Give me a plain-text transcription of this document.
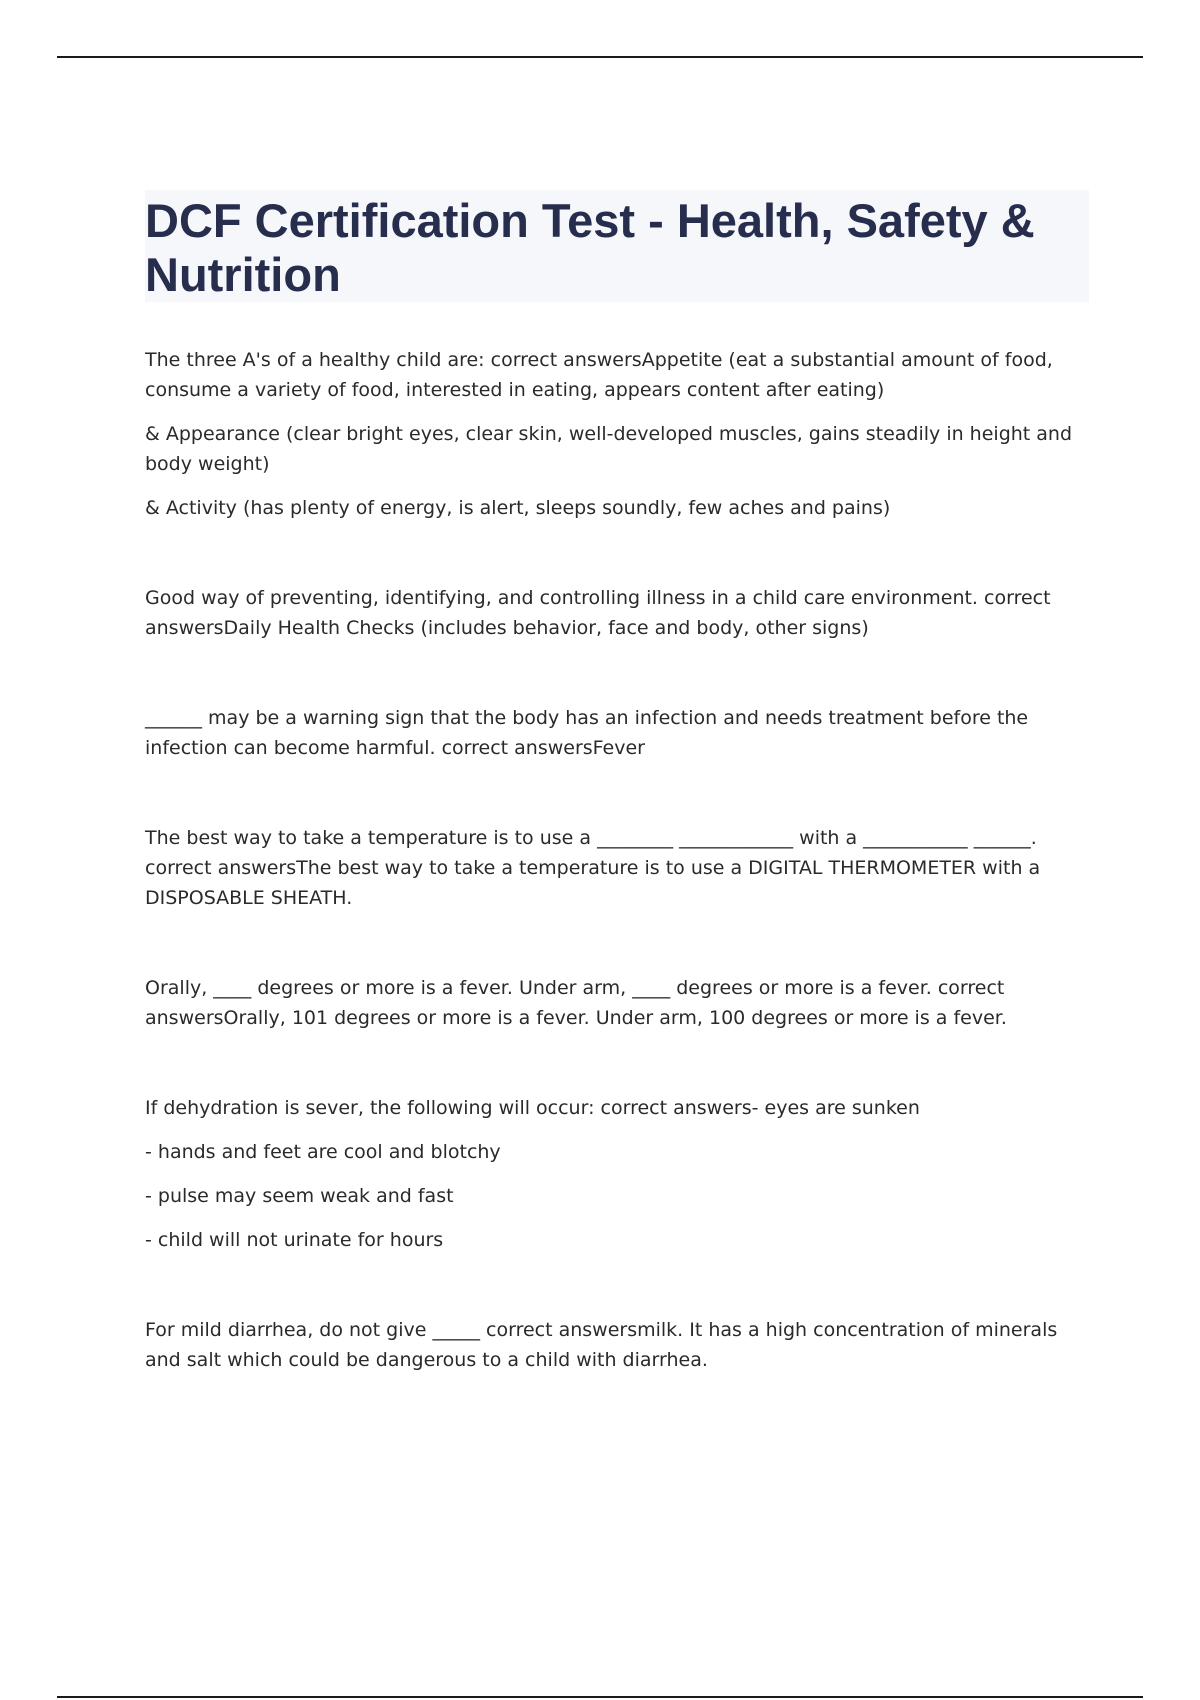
DCF Certification Test - Health, Safety & Nutrition

The three A's of a healthy child are: correct answersAppetite (eat a substantial amount of food, consume a variety of food, interested in eating, appears content after eating)

& Appearance (clear bright eyes, clear skin, well-developed muscles, gains steadily in height and body weight)

& Activity (has plenty of energy, is alert, sleeps soundly, few aches and pains)

Good way of preventing, identifying, and controlling illness in a child care environment. correct answersDaily Health Checks (includes behavior, face and body, other signs)

______ may be a warning sign that the body has an infection and needs treatment before the infection can become harmful. correct answersFever

The best way to take a temperature is to use a ________ ____________ with a ___________ ______. correct answersThe best way to take a temperature is to use a DIGITAL THERMOMETER with a DISPOSABLE SHEATH.

Orally, ____ degrees or more is a fever. Under arm, ____ degrees or more is a fever. correct answersOrally, 101 degrees or more is a fever. Under arm, 100 degrees or more is a fever.

If dehydration is sever, the following will occur: correct answers- eyes are sunken

- hands and feet are cool and blotchy

- pulse may seem weak and fast

- child will not urinate for hours

For mild diarrhea, do not give _____ correct answersmilk. It has a high concentration of minerals and salt which could be dangerous to a child with diarrhea.
